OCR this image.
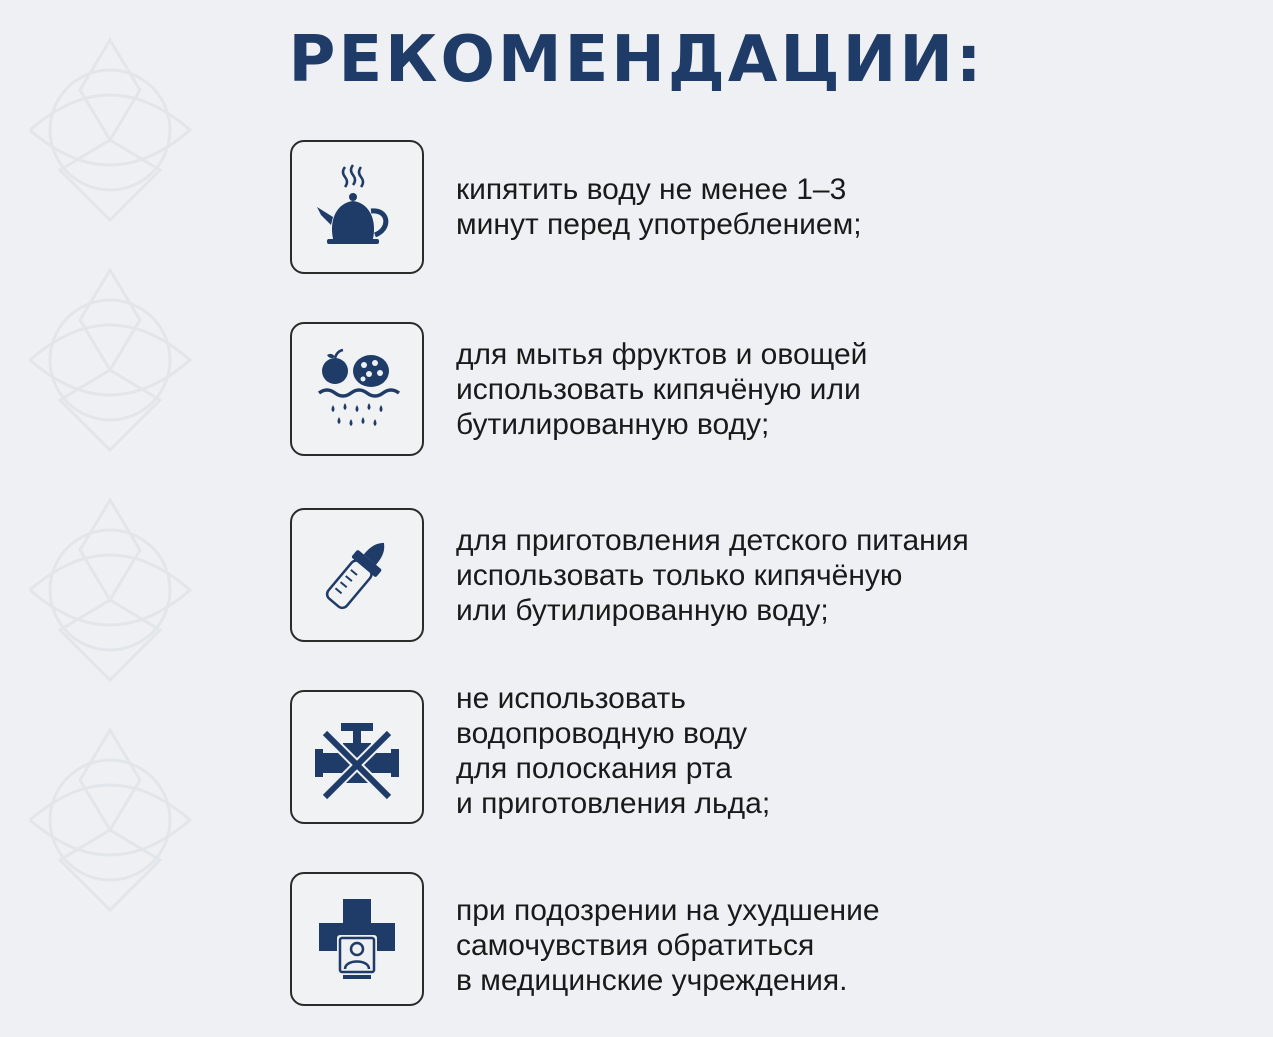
РЕКОМЕНДАЦИИ:
кипятить воду не менее 1–3
минут перед употреблением;
для мытья фруктов и овощей
использовать кипячёную или
бутилированную воду;
для приготовления детского питания
использовать только кипячёную
или бутилированную воду;
не использовать
водопроводную воду
для полоскания рта
и приготовления льда;
при подозрении на ухудшение
самочувствия обратиться
в медицинские учреждения.
